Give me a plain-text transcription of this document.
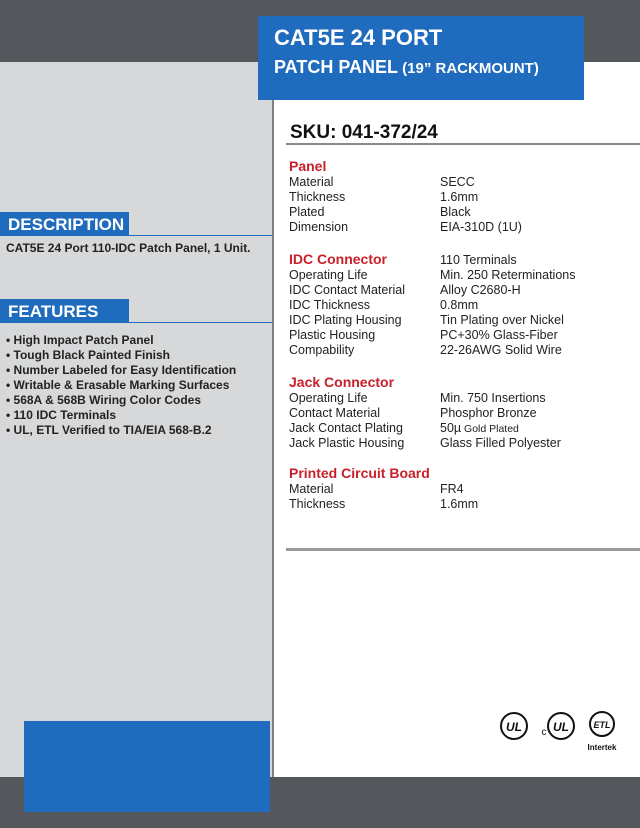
CAT5E 24 PORT
PATCH PANEL (19” RACKMOUNT)
SKU: 041-372/24
Panel
Material	SECC
Thickness	1.6mm
Plated	Black
Dimension	EIA-310D (1U)
IDC Connector	110 Terminals
Operating Life	Min. 250 Reterminations
IDC Contact Material	Alloy C2680-H
IDC Thickness	0.8mm
IDC Plating Housing	Tin Plating over Nickel
Plastic Housing	PC+30% Glass-Fiber
Compability	22-26AWG Solid Wire
Jack Connector
Operating Life	Min. 750 Insertions
Contact Material	Phosphor Bronze
Jack Contact Plating	50µ Gold Plated
Jack Plastic Housing	Glass Filled Polyester
Printed Circuit Board
Material	FR4
Thickness	1.6mm
DESCRIPTION
CAT5E 24 Port 110-IDC Patch Panel, 1 Unit.
FEATURES
• High Impact Patch Panel
• Tough Black Painted Finish
• Number Labeled for Easy Identification
• Writable & Erasable Marking Surfaces
• 568A & 568B Wiring Color Codes
• 110 IDC Terminals
• UL, ETL Verified to TIA/EIA 568-B.2
UL c UL	ETL
Intertek
